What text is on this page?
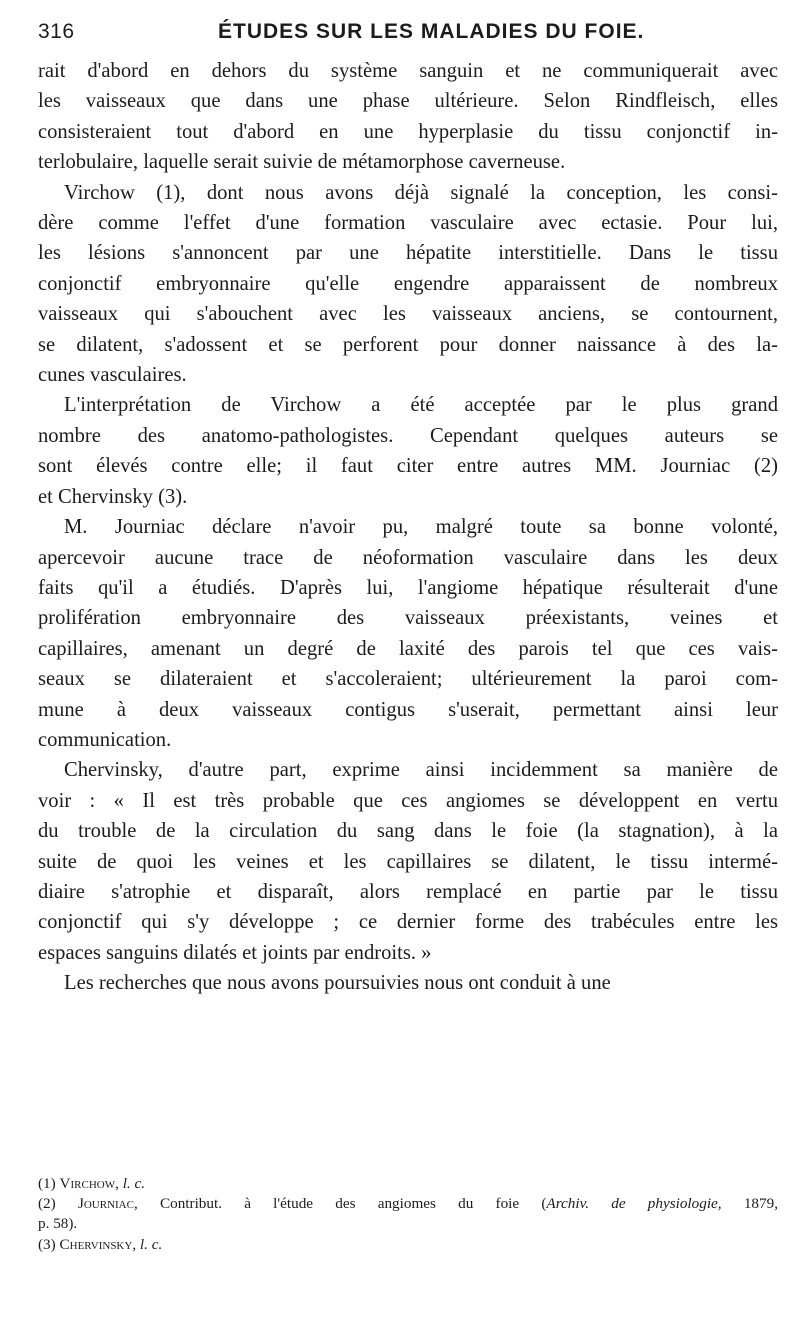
316	ÉTUDES SUR LES MALADIES DU FOIE.

rait d'abord en dehors du système sanguin et ne communiquerait avec

les vaisseaux que dans une phase ultérieure. Selon Rindfleisch, elles

consisteraient tout d'abord en une hyperplasie du tissu conjonctif in-

terlobulaire, laquelle serait suivie de métamorphose caverneuse.

Virchow (1), dont nous avons déjà signalé la conception, les consi-

dère comme l'effet d'une formation vasculaire avec ectasie. Pour lui,

les lésions s'annoncent par une hépatite interstitielle. Dans le tissu

conjonctif embryonnaire qu'elle engendre apparaissent de nombreux

vaisseaux qui s'abouchent avec les vaisseaux anciens, se contournent,

se dilatent, s'adossent et se perforent pour donner naissance à des la-

cunes vasculaires.

L'interprétation de Virchow a été acceptée par le plus grand

nombre des anatomo-pathologistes. Cependant quelques auteurs se

sont élevés contre elle; il faut citer entre autres MM. Journiac (2)

et Chervinsky (3).

M. Journiac déclare n'avoir pu, malgré toute sa bonne volonté,

apercevoir aucune trace de néoformation vasculaire dans les deux

faits qu'il a étudiés. D'après lui, l'angiome hépatique résulterait d'une

prolifération embryonnaire des vaisseaux préexistants, veines et

capillaires, amenant un degré de laxité des parois tel que ces vais-

seaux se dilateraient et s'accoleraient; ultérieurement la paroi com-

mune à deux vaisseaux contigus s'userait, permettant ainsi leur

communication.

Chervinsky, d'autre part, exprime ainsi incidemment sa manière de

voir : « Il est très probable que ces angiomes se développent en vertu

du trouble de la circulation du sang dans le foie (la stagnation), à la

suite de quoi les veines et les capillaires se dilatent, le tissu intermé-

diaire s'atrophie et disparaît, alors remplacé en partie par le tissu

conjonctif qui s'y développe ; ce dernier forme des trabécules entre les

espaces sanguins dilatés et joints par endroits. »

Les recherches que nous avons poursuivies nous ont conduit à une

(1) Virchow, l. c.

(2) Journiac, Contribut. à l'étude des angiomes du foie (Archiv. de physiologie, 1879,

p. 58).

(3) Chervinsky, l. c.
